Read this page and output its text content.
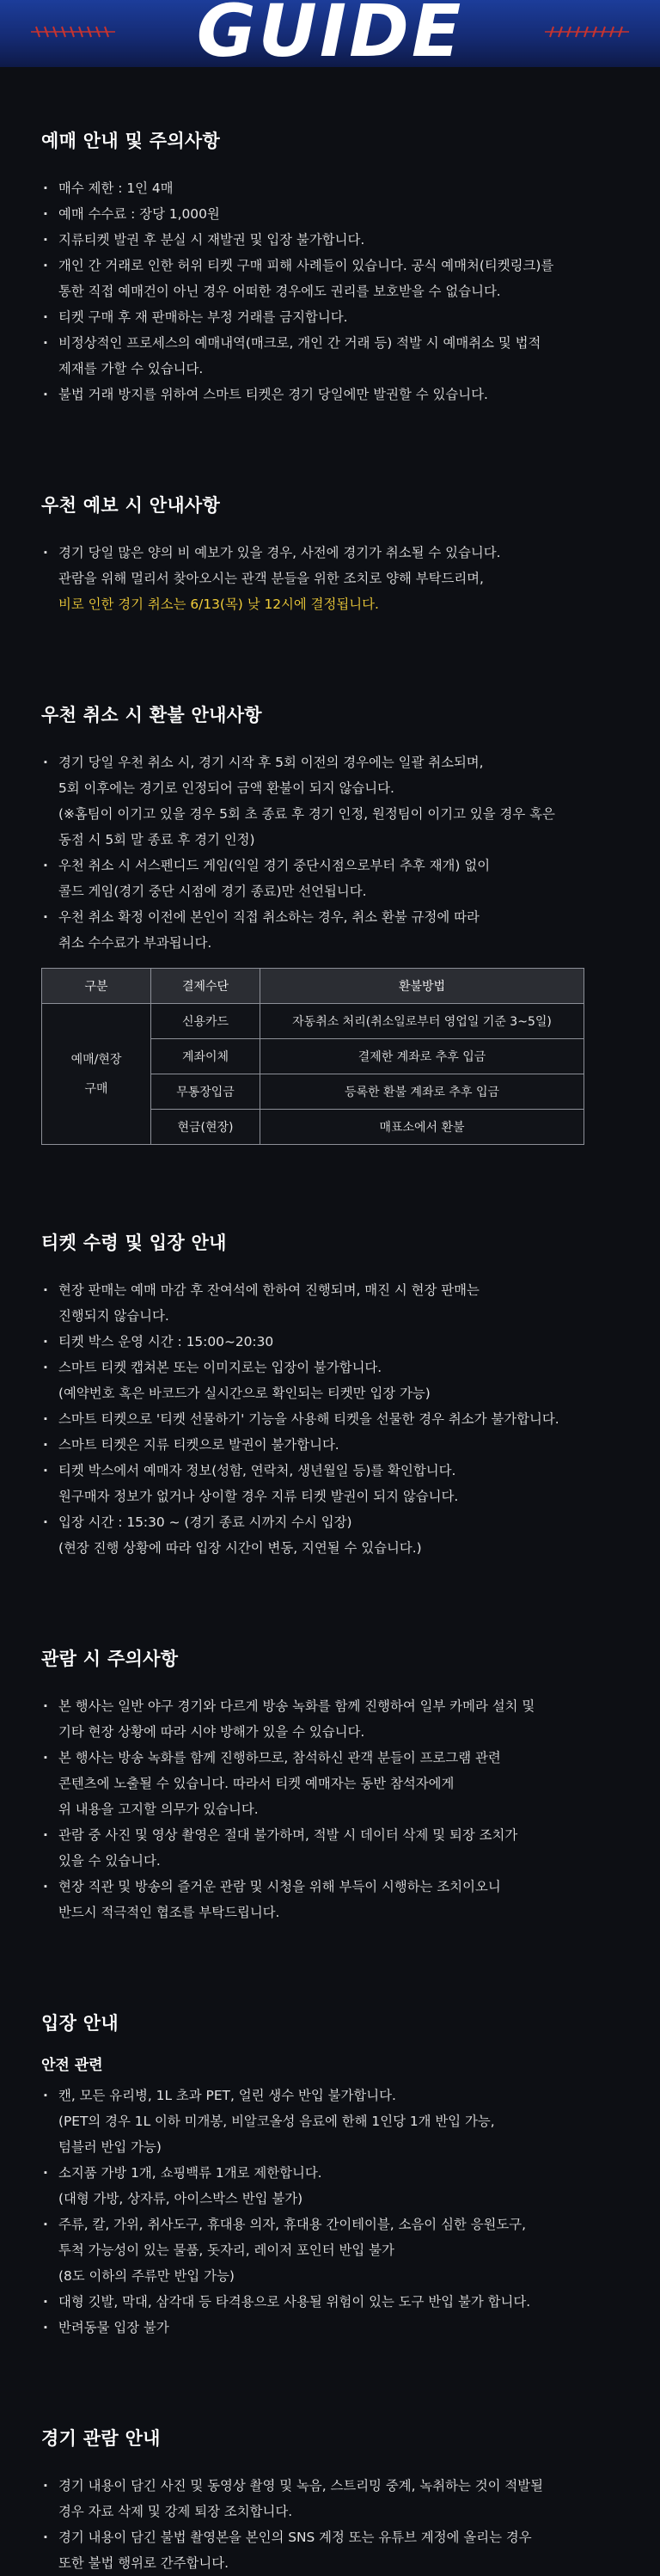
GUIDE
예매 안내 및 주의사항
· 매수 제한 : 1인 4매
· 예매 수수료 : 장당 1,000원
· 지류티켓 발권 후 분실 시 재발권 및 입장 불가합니다.
· 개인 간 거래로 인한 허위 티켓 구매 피해 사례들이 있습니다. 공식 예매처(티켓링크)를
통한 직접 예매건이 아닌 경우 어떠한 경우에도 권리를 보호받을 수 없습니다.
· 티켓 구매 후 재 판매하는 부정 거래를 금지합니다.
· 비정상적인 프로세스의 예매내역(매크로, 개인 간 거래 등) 적발 시 예매취소 및 법적
제재를 가할 수 있습니다.
· 불법 거래 방지를 위하여 스마트 티켓은 경기 당일에만 발권할 수 있습니다.
우천 예보 시 안내사항
· 경기 당일 많은 양의 비 예보가 있을 경우, 사전에 경기가 취소될 수 있습니다.
관람을 위해 멀리서 찾아오시는 관객 분들을 위한 조치로 양해 부탁드리며,
비로 인한 경기 취소는 6/13(목) 낮 12시에 결정됩니다.
우천 취소 시 환불 안내사항
· 경기 당일 우천 취소 시, 경기 시작 후 5회 이전의 경우에는 일괄 취소되며,
5회 이후에는 경기로 인정되어 금액 환불이 되지 않습니다.
(※홈팀이 이기고 있을 경우 5회 초 종료 후 경기 인정, 원정팀이 이기고 있을 경우 혹은
동점 시 5회 말 종료 후 경기 인정)
· 우천 취소 시 서스펜디드 게임(익일 경기 중단시점으로부터 추후 재개) 없이
콜드 게임(경기 중단 시점에 경기 종료)만 선언됩니다.
· 우천 취소 확정 이전에 본인이 직접 취소하는 경우, 취소 환불 규정에 따라
취소 수수료가 부과됩니다.
구분	결제수단	환불방법

예매/현장
구매	신용카드	자동취소 처리(취소일로부터 영업일 기준 3~5일)
	계좌이체	결제한 계좌로 추후 입금
	무통장입금	등록한 환불 계좌로 추후 입금
	현금(현장)	매표소에서 환불
티켓 수령 및 입장 안내
· 현장 판매는 예매 마감 후 잔여석에 한하여 진행되며, 매진 시 현장 판매는
진행되지 않습니다.
· 티켓 박스 운영 시간 : 15:00~20:30
· 스마트 티켓 캡쳐본 또는 이미지로는 입장이 불가합니다.
(예약번호 혹은 바코드가 실시간으로 확인되는 티켓만 입장 가능)
· 스마트 티켓으로 '티켓 선물하기' 기능을 사용해 티켓을 선물한 경우 취소가 불가합니다.
· 스마트 티켓은 지류 티켓으로 발권이 불가합니다.
· 티켓 박스에서 예매자 정보(성함, 연락처, 생년월일 등)를 확인합니다.
원구매자 정보가 없거나 상이할 경우 지류 티켓 발권이 되지 않습니다.
· 입장 시간 : 15:30 ~ (경기 종료 시까지 수시 입장)
(현장 진행 상황에 따라 입장 시간이 변동, 지연될 수 있습니다.)
관람 시 주의사항
· 본 행사는 일반 야구 경기와 다르게 방송 녹화를 함께 진행하여 일부 카메라 설치 및
기타 현장 상황에 따라 시야 방해가 있을 수 있습니다.
· 본 행사는 방송 녹화를 함께 진행하므로, 참석하신 관객 분들이 프로그램 관련
콘텐츠에 노출될 수 있습니다. 따라서 티켓 예매자는 동반 참석자에게
위 내용을 고지할 의무가 있습니다.
· 관람 중 사진 및 영상 촬영은 절대 불가하며, 적발 시 데이터 삭제 및 퇴장 조치가
있을 수 있습니다.
· 현장 직관 및 방송의 즐거운 관람 및 시청을 위해 부득이 시행하는 조치이오니
반드시 적극적인 협조를 부탁드립니다.
입장 안내
안전 관련
· 캔, 모든 유리병, 1L 초과 PET, 얼린 생수 반입 불가합니다.
(PET의 경우 1L 이하 미개봉, 비알코올성 음료에 한해 1인당 1개 반입 가능,
텀블러 반입 가능)
· 소지품 가방 1개, 쇼핑백류 1개로 제한합니다.
(대형 가방, 상자류, 아이스박스 반입 불가)
· 주류, 칼, 가위, 취사도구, 휴대용 의자, 휴대용 간이테이블, 소음이 심한 응원도구,
투척 가능성이 있는 물품, 돗자리, 레이저 포인터 반입 불가
(8도 이하의 주류만 반입 가능)
· 대형 깃발, 막대, 삼각대 등 타격용으로 사용될 위험이 있는 도구 반입 불가 합니다.
· 반려동물 입장 불가
경기 관람 안내
· 경기 내용이 담긴 사진 및 동영상 촬영 및 녹음, 스트리밍 중계, 녹취하는 것이 적발될
경우 자료 삭제 및 강제 퇴장 조치합니다.
· 경기 내용이 담긴 불법 촬영본을 본인의 SNS 계정 또는 유튜브 계정에 올리는 경우
또한 불법 행위로 간주합니다.
